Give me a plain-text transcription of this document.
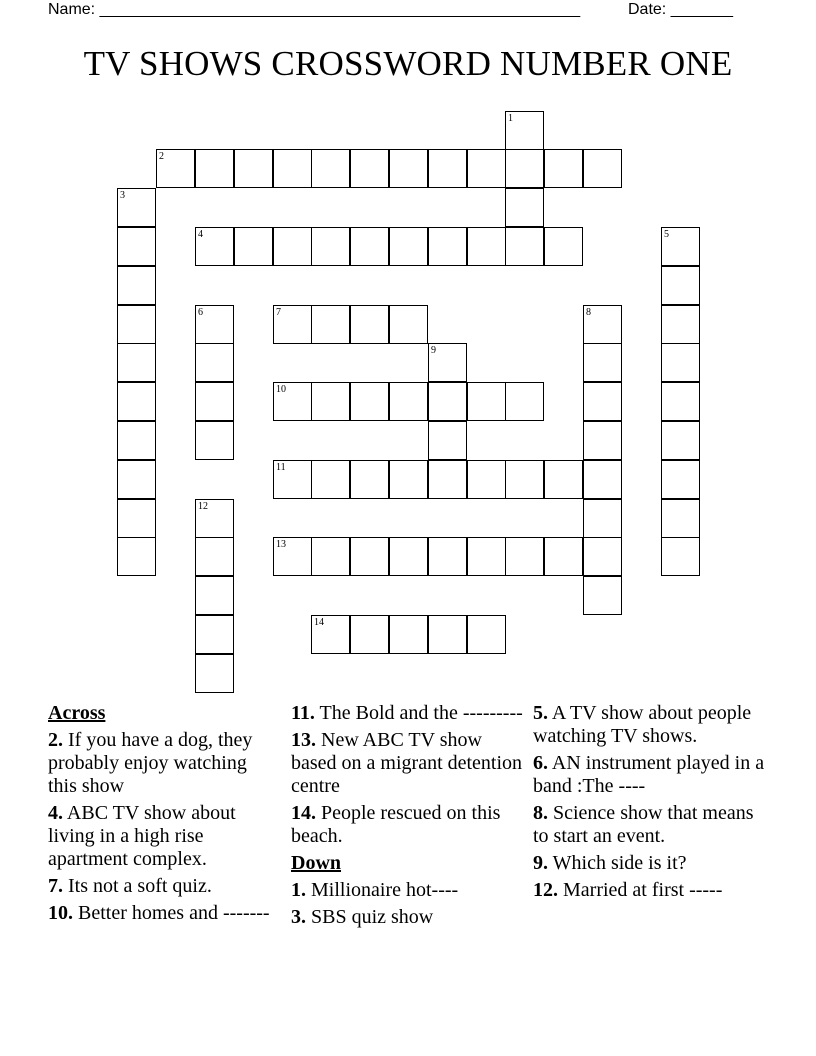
Name: ______________________________________________________	Date: _______
TV SHOWS CROSSWORD NUMBER ONE
1
2
3
4	5
6	7	8
9
10
11
12
13
14
Across
2. If you have a dog, they probably enjoy watching this show
4. ABC TV show about living in a high rise apartment complex.
7. Its not a soft quiz.
10. Better homes and -------
11. The Bold and the ---------
13. New ABC TV show based on a migrant detention centre
14. People rescued on this beach.
Down
1. Millionaire hot----
3. SBS quiz show
5. A TV show about people watching TV shows.
6. AN instrument played in a band :The ----
8. Science show that means to start an event.
9. Which side is it?
12. Married at first -----
